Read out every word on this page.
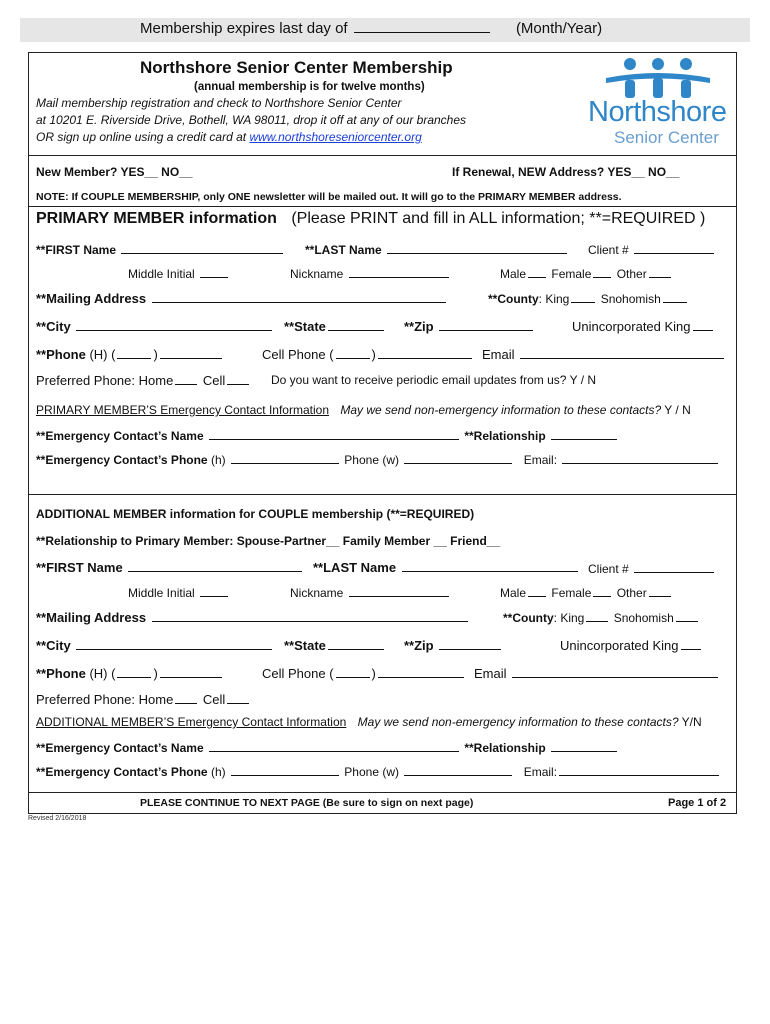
Membership expires last day of	(Month/Year)
Northshore Senior Center Membership
(annual membership is for twelve months)
Mail membership registration and check to Northshore Senior Center
at 10201 E. Riverside Drive, Bothell, WA 98011, drop it off at any of our branches
OR sign up online using a credit card at www.northshoreseniorcenter.org
Northshore
Senior Center
New Member? YES__ NO__	If Renewal, NEW Address? YES__ NO__
NOTE: If COUPLE MEMBERSHIP, only ONE newsletter will be mailed out. It will go to the PRIMARY MEMBER address.
PRIMARY MEMBER information (Please PRINT and fill in ALL information; **=REQUIRED )
**FIRST Name	**LAST Name	Client #
Middle Initial	Nickname	Male Female Other
**Mailing Address	**County: King	Snohomish
**City	**State	**Zip	Unincorporated King
**Phone (H) (	)	Cell Phone (	)	Email
Preferred Phone: Home Cell	Do you want to receive periodic email updates from us? Y / N
PRIMARY MEMBER’S Emergency Contact Information May we send non-emergency information to these contacts? Y / N
**Emergency Contact’s Name	**Relationship
**Emergency Contact’s Phone (h)	Phone (w)	Email:
ADDITIONAL MEMBER information for COUPLE membership (**=REQUIRED)
**Relationship to Primary Member: Spouse-Partner__ Family Member __ Friend__
**FIRST Name	**LAST Name	Client #
Middle Initial	Nickname	Male Female Other
**Mailing Address	**County: King Snohomish
**City	**State	**Zip	Unincorporated King
**Phone (H) (	)	Cell Phone (	)	Email
Preferred Phone: Home Cell
ADDITIONAL MEMBER’S Emergency Contact Information May we send non-emergency information to these contacts? Y/N
**Emergency Contact’s Name	**Relationship
**Emergency Contact’s Phone (h)	Phone (w)	Email:
PLEASE CONTINUE TO NEXT PAGE (Be sure to sign on next page)	Page 1 of 2
Revised 2/16/2018
